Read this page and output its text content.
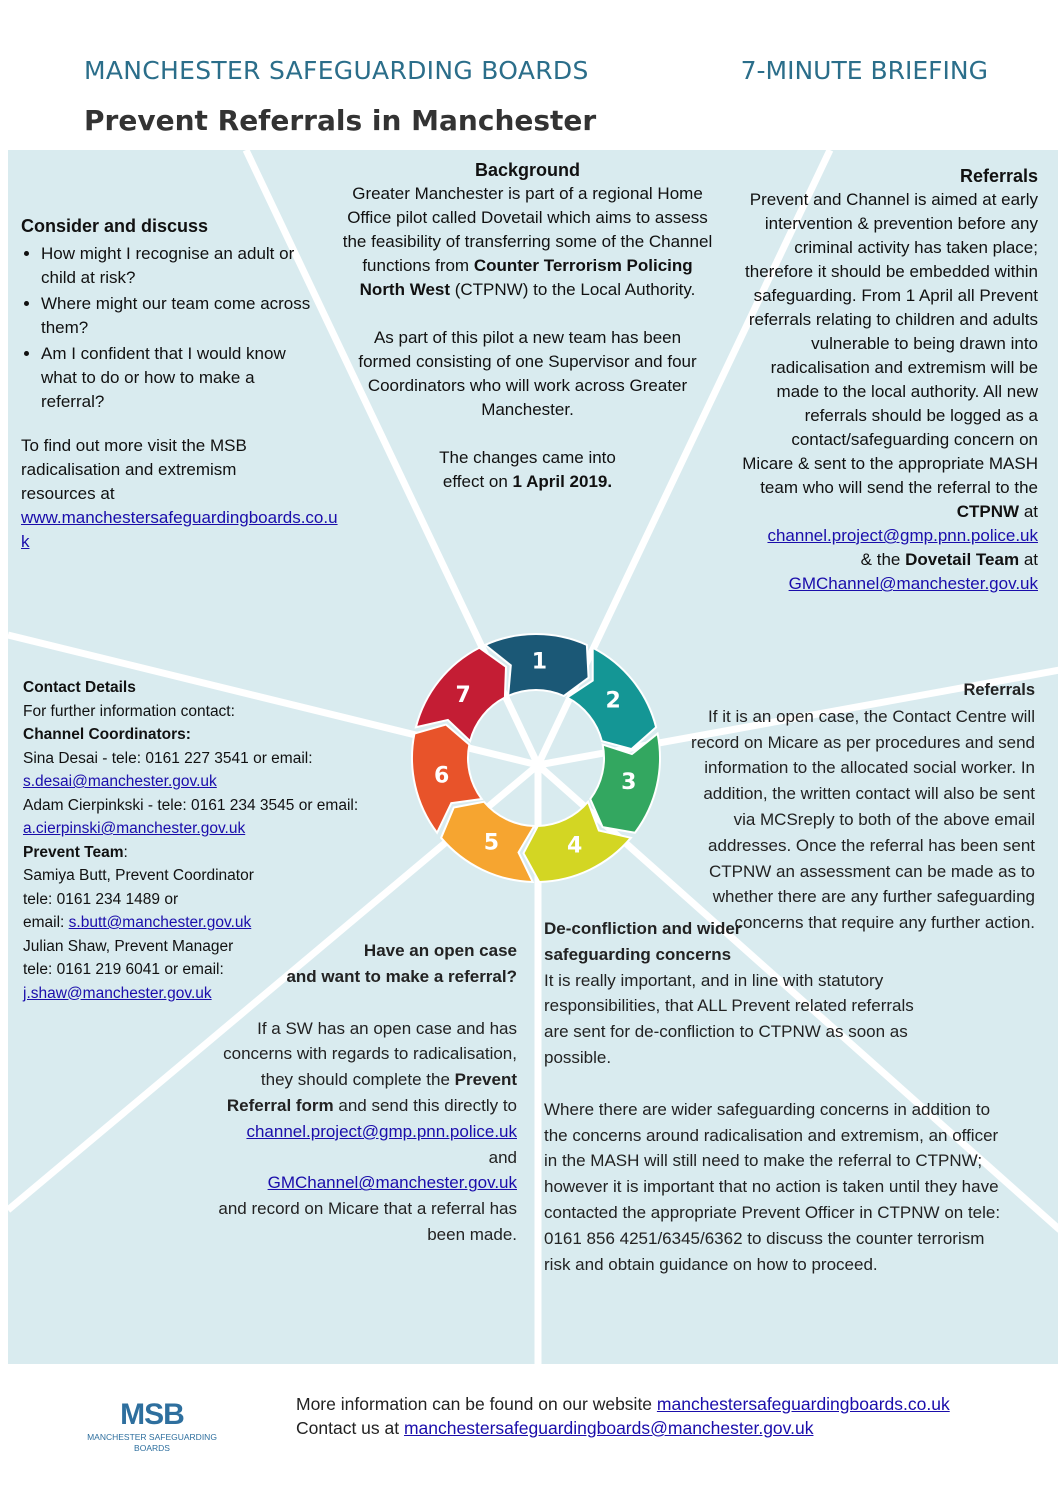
MANCHESTER SAFEGUARDING BOARDS	7-MINUTE BRIEFING
Prevent Referrals in Manchester
1
2
3
4
5
6
7
Background
Greater Manchester is part of a regional Home Office pilot called Dovetail which aims to assess the feasibility of transferring some of the Channel functions from Counter Terrorism Policing North West (CTPNW) to the Local Authority.
As part of this pilot a new team has been formed consisting of one Supervisor and four Coordinators who will work across Greater Manchester.
The changes came into effect on 1 April 2019.
Consider and discuss
• How might I recognise an adult or child at risk?
• Where might our team come across them?
• Am I confident that I would know what to do or how to make a referral?
To find out more visit the MSB radicalisation and extremism resources at
www.manchestersafeguardingboards.co.uk
Referrals
Prevent and Channel is aimed at early intervention & prevention before any criminal activity has taken place; therefore it should be embedded within safeguarding. From 1 April all Prevent referrals relating to children and adults vulnerable to being drawn into radicalisation and extremism will be made to the local authority. All new referrals should be logged as a contact/safeguarding concern on Micare & sent to the appropriate MASH team who will send the referral to the CTPNW at
channel.project@gmp.pnn.police.uk
& the Dovetail Team at
GMChannel@manchester.gov.uk
Contact Details
For further information contact:
Channel Coordinators:
Sina Desai - tele: 0161 227 3541 or email:
s.desai@manchester.gov.uk
Adam Cierpinkski - tele: 0161 234 3545 or email:
a.cierpinski@manchester.gov.uk
Prevent Team:
Samiya Butt, Prevent Coordinator
tele: 0161 234 1489 or
email: s.butt@manchester.gov.uk
Julian Shaw, Prevent Manager
tele: 0161 219 6041 or email:
j.shaw@manchester.gov.uk
Referrals
If it is an open case, the Contact Centre will record on Micare as per procedures and send information to the allocated social worker. In addition, the written contact will also be sent via MCSreply to both of the above email addresses. Once the referral has been sent CTPNW an assessment can be made as to whether there are any further safeguarding concerns that require any further action.
Have an open case
and want to make a referral?
If a SW has an open case and has concerns with regards to radicalisation, they should complete the Prevent Referral form and send this directly to
channel.project@gmp.pnn.police.uk
and
GMChannel@manchester.gov.uk
and record on Micare that a referral has been made.
De-confliction and wider safeguarding concerns
It is really important, and in line with statutory responsibilities, that ALL Prevent related referrals are sent for de-confliction to CTPNW as soon as possible.
Where there are wider safeguarding concerns in addition to the concerns around radicalisation and extremism, an officer in the MASH will still need to make the referral to CTPNW; however it is important that no action is taken until they have contacted the appropriate Prevent Officer in CTPNW on tele: 0161 856 4251/6345/6362 to discuss the counter terrorism risk and obtain guidance on how to proceed.
MSB
MANCHESTER SAFEGUARDING BOARDS
More information can be found on our website manchestersafeguardingboards.co.uk
Contact us at manchestersafeguardingboards@manchester.gov.uk
